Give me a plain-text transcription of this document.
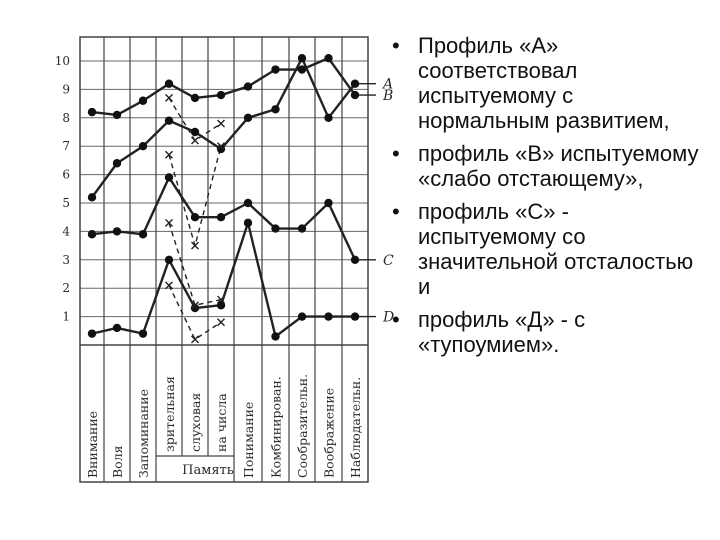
1
2
3
4
5
6
7
8
9
10
B
A
C
D
Внимание Воля Запоминание зрительная слуховая на числа Понимание Комбинирован. Сообразительн. Воображение Наблюдательн.
Память
• Профиль «А» соответствовал испытуемому с нормальным развитием,
• профиль «В» испытуемому «слабо отстающему»,
• профиль «С» ‑ испытуемому со значительной отсталостью и
• профиль «Д» ‑ с «тупоумием».
